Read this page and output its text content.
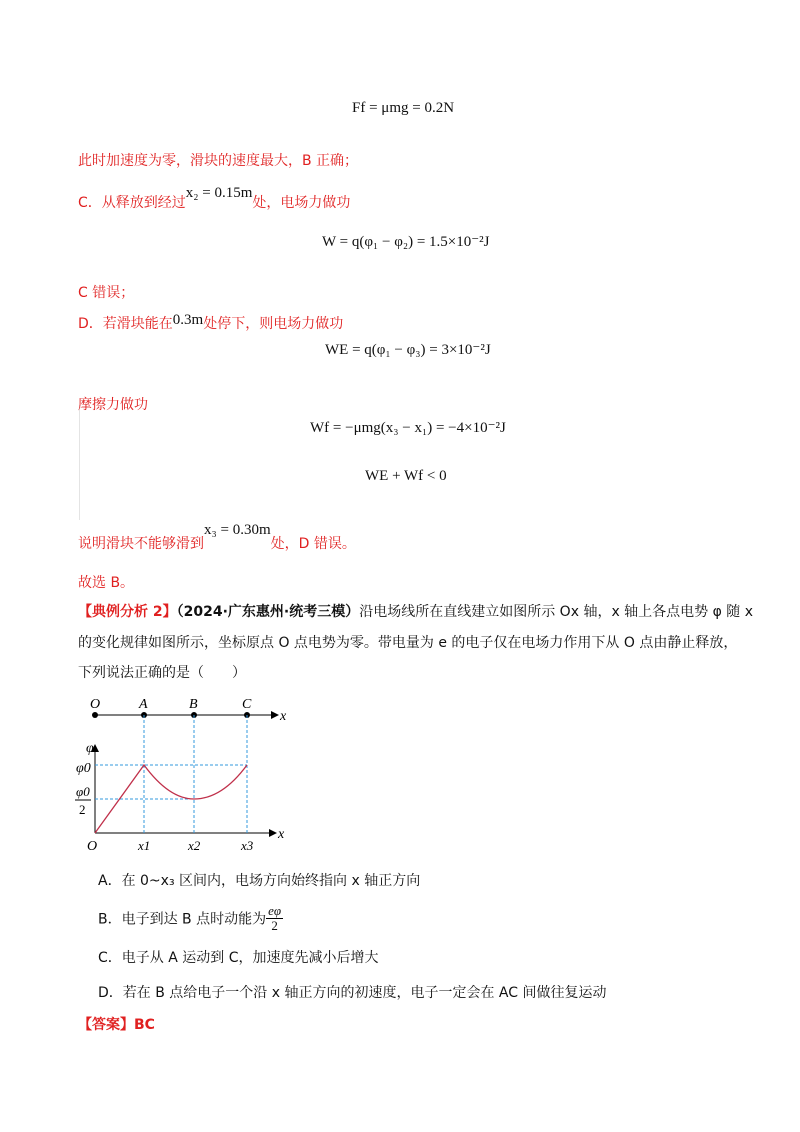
Ff = μmg = 0.2N
此时加速度为零，滑块的速度最大，B 正确；
C．从释放到经过x₂ = 0.15m处，电场力做功
W = q(φ₁ − φ₂) = 1.5×10⁻²J
C 错误；
D．若滑块能在0.3m处停下，则电场力做功
WE = q(φ₁ − φ₃) = 3×10⁻²J
摩擦力做功
Wf = −μmg(x₃ − x₁) = −4×10⁻²J
WE + Wf < 0
说明滑块不能够滑到x₃ = 0.30m处，D 错误。
故选 B。
【典例分析 2】（2024·广东惠州·统考三模）沿电场线所在直线建立如图所示 Ox 轴，x 轴上各点电势 φ 随 x
的变化规律如图所示，坐标原点 O 点电势为零。带电量为 e 的电子仅在电场力作用下从 O 点由静止释放，
下列说法正确的是（　　）
O	A	B	C
x
φ
φ0
φ0
2
O	x1	x2	x3
x
A．在 0~x₃ 区间内，电场方向始终指向 x 轴正方向
B．电子到达 B 点时动能为 $\frac{e\varphi}{2}$
C．电子从 A 运动到 C，加速度先减小后增大
D．若在 B 点给电子一个沿 x 轴正方向的初速度，电子一定会在 AC 间做往复运动
【答案】BC
